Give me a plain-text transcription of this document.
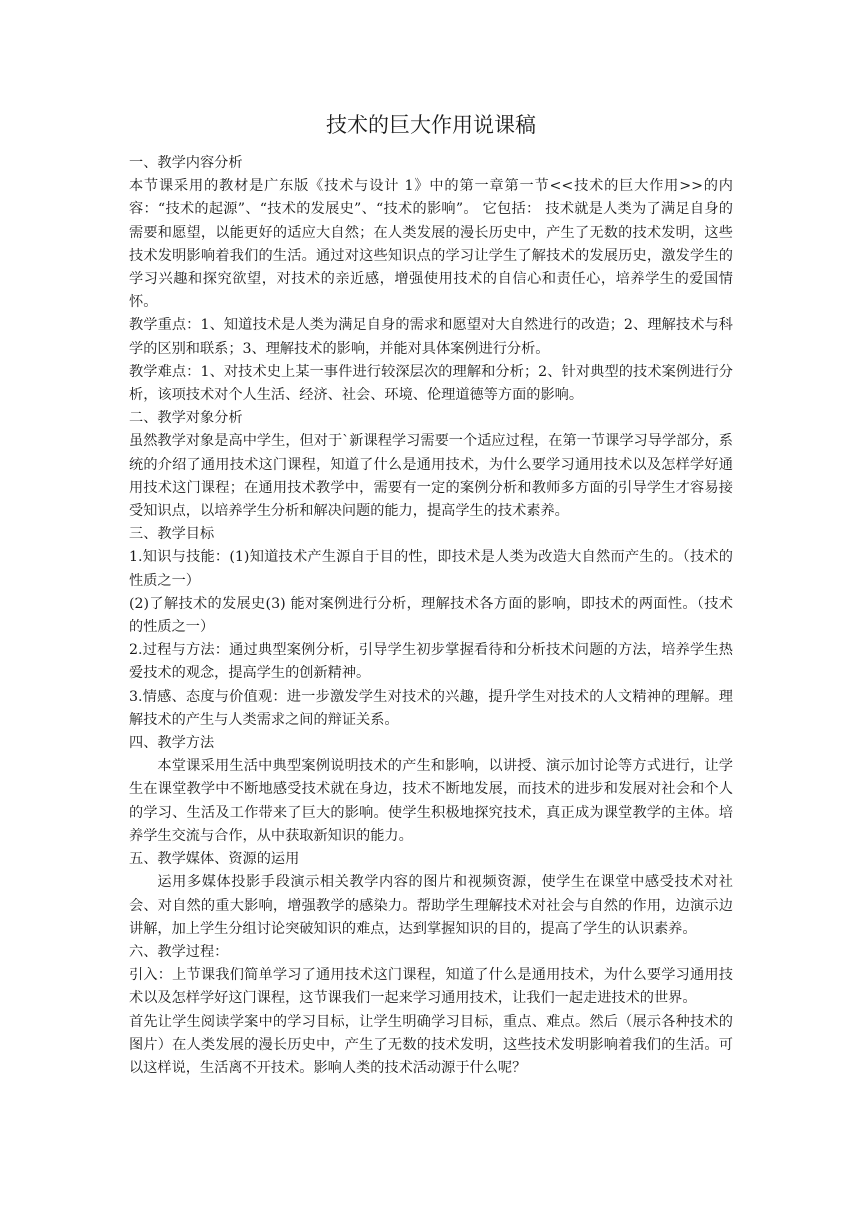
技术的巨大作用说课稿

一、教学内容分析

本节课采用的教材是广东版《技术与设计 1》中的第一章第一节<<技术的巨大作用>>的内容：“技术的起源”、“技术的发展史”、“技术的影响”。 它包括： 技术就是人类为了满足自身的需要和愿望，以能更好的适应大自然；在人类发展的漫长历史中，产生了无数的技术发明，这些技术发明影响着我们的生活。通过对这些知识点的学习让学生了解技术的发展历史，激发学生的学习兴趣和探究欲望，对技术的亲近感，增强使用技术的自信心和责任心，培养学生的爱国情怀。

教学重点：1、知道技术是人类为满足自身的需求和愿望对大自然进行的改造；2、理解技术与科学的区别和联系；3、理解技术的影响，并能对具体案例进行分析。

教学难点：1、对技术史上某一事件进行较深层次的理解和分析；2、针对典型的技术案例进行分析，该项技术对个人生活、经济、社会、环境、伦理道德等方面的影响。

二、教学对象分析

虽然教学对象是高中学生，但对于`新课程学习需要一个适应过程，在第一节课学习导学部分，系统的介绍了通用技术这门课程，知道了什么是通用技术，为什么要学习通用技术以及怎样学好通用技术这门课程；在通用技术教学中，需要有一定的案例分析和教师多方面的引导学生才容易接受知识点，以培养学生分析和解决问题的能力，提高学生的技术素养。

三、教学目标

1.知识与技能：(1)知道技术产生源自于目的性，即技术是人类为改造大自然而产生的。（技术的性质之一）

(2)了解技术的发展史(3) 能对案例进行分析，理解技术各方面的影响，即技术的两面性。（技术的性质之一）

2.过程与方法：通过典型案例分析，引导学生初步掌握看待和分析技术问题的方法，培养学生热爱技术的观念，提高学生的创新精神。

3.情感、态度与价值观：进一步激发学生对技术的兴趣，提升学生对技术的人文精神的理解。理解技术的产生与人类需求之间的辩证关系。

四、教学方法

本堂课采用生活中典型案例说明技术的产生和影响，以讲授、演示加讨论等方式进行，让学生在课堂教学中不断地感受技术就在身边，技术不断地发展，而技术的进步和发展对社会和个人的学习、生活及工作带来了巨大的影响。使学生积极地探究技术，真正成为课堂教学的主体。培养学生交流与合作，从中获取新知识的能力。

五、教学媒体、资源的运用

运用多媒体投影手段演示相关教学内容的图片和视频资源，使学生在课堂中感受技术对社会、对自然的重大影响，增强教学的感染力。帮助学生理解技术对社会与自然的作用，边演示边讲解，加上学生分组讨论突破知识的难点，达到掌握知识的目的，提高了学生的认识素养。

六、教学过程：

引入：上节课我们简单学习了通用技术这门课程，知道了什么是通用技术，为什么要学习通用技术以及怎样学好这门课程，这节课我们一起来学习通用技术，让我们一起走进技术的世界。

首先让学生阅读学案中的学习目标，让学生明确学习目标，重点、难点。然后（展示各种技术的图片）在人类发展的漫长历史中，产生了无数的技术发明，这些技术发明影响着我们的生活。可以这样说，生活离不开技术。影响人类的技术活动源于什么呢？
